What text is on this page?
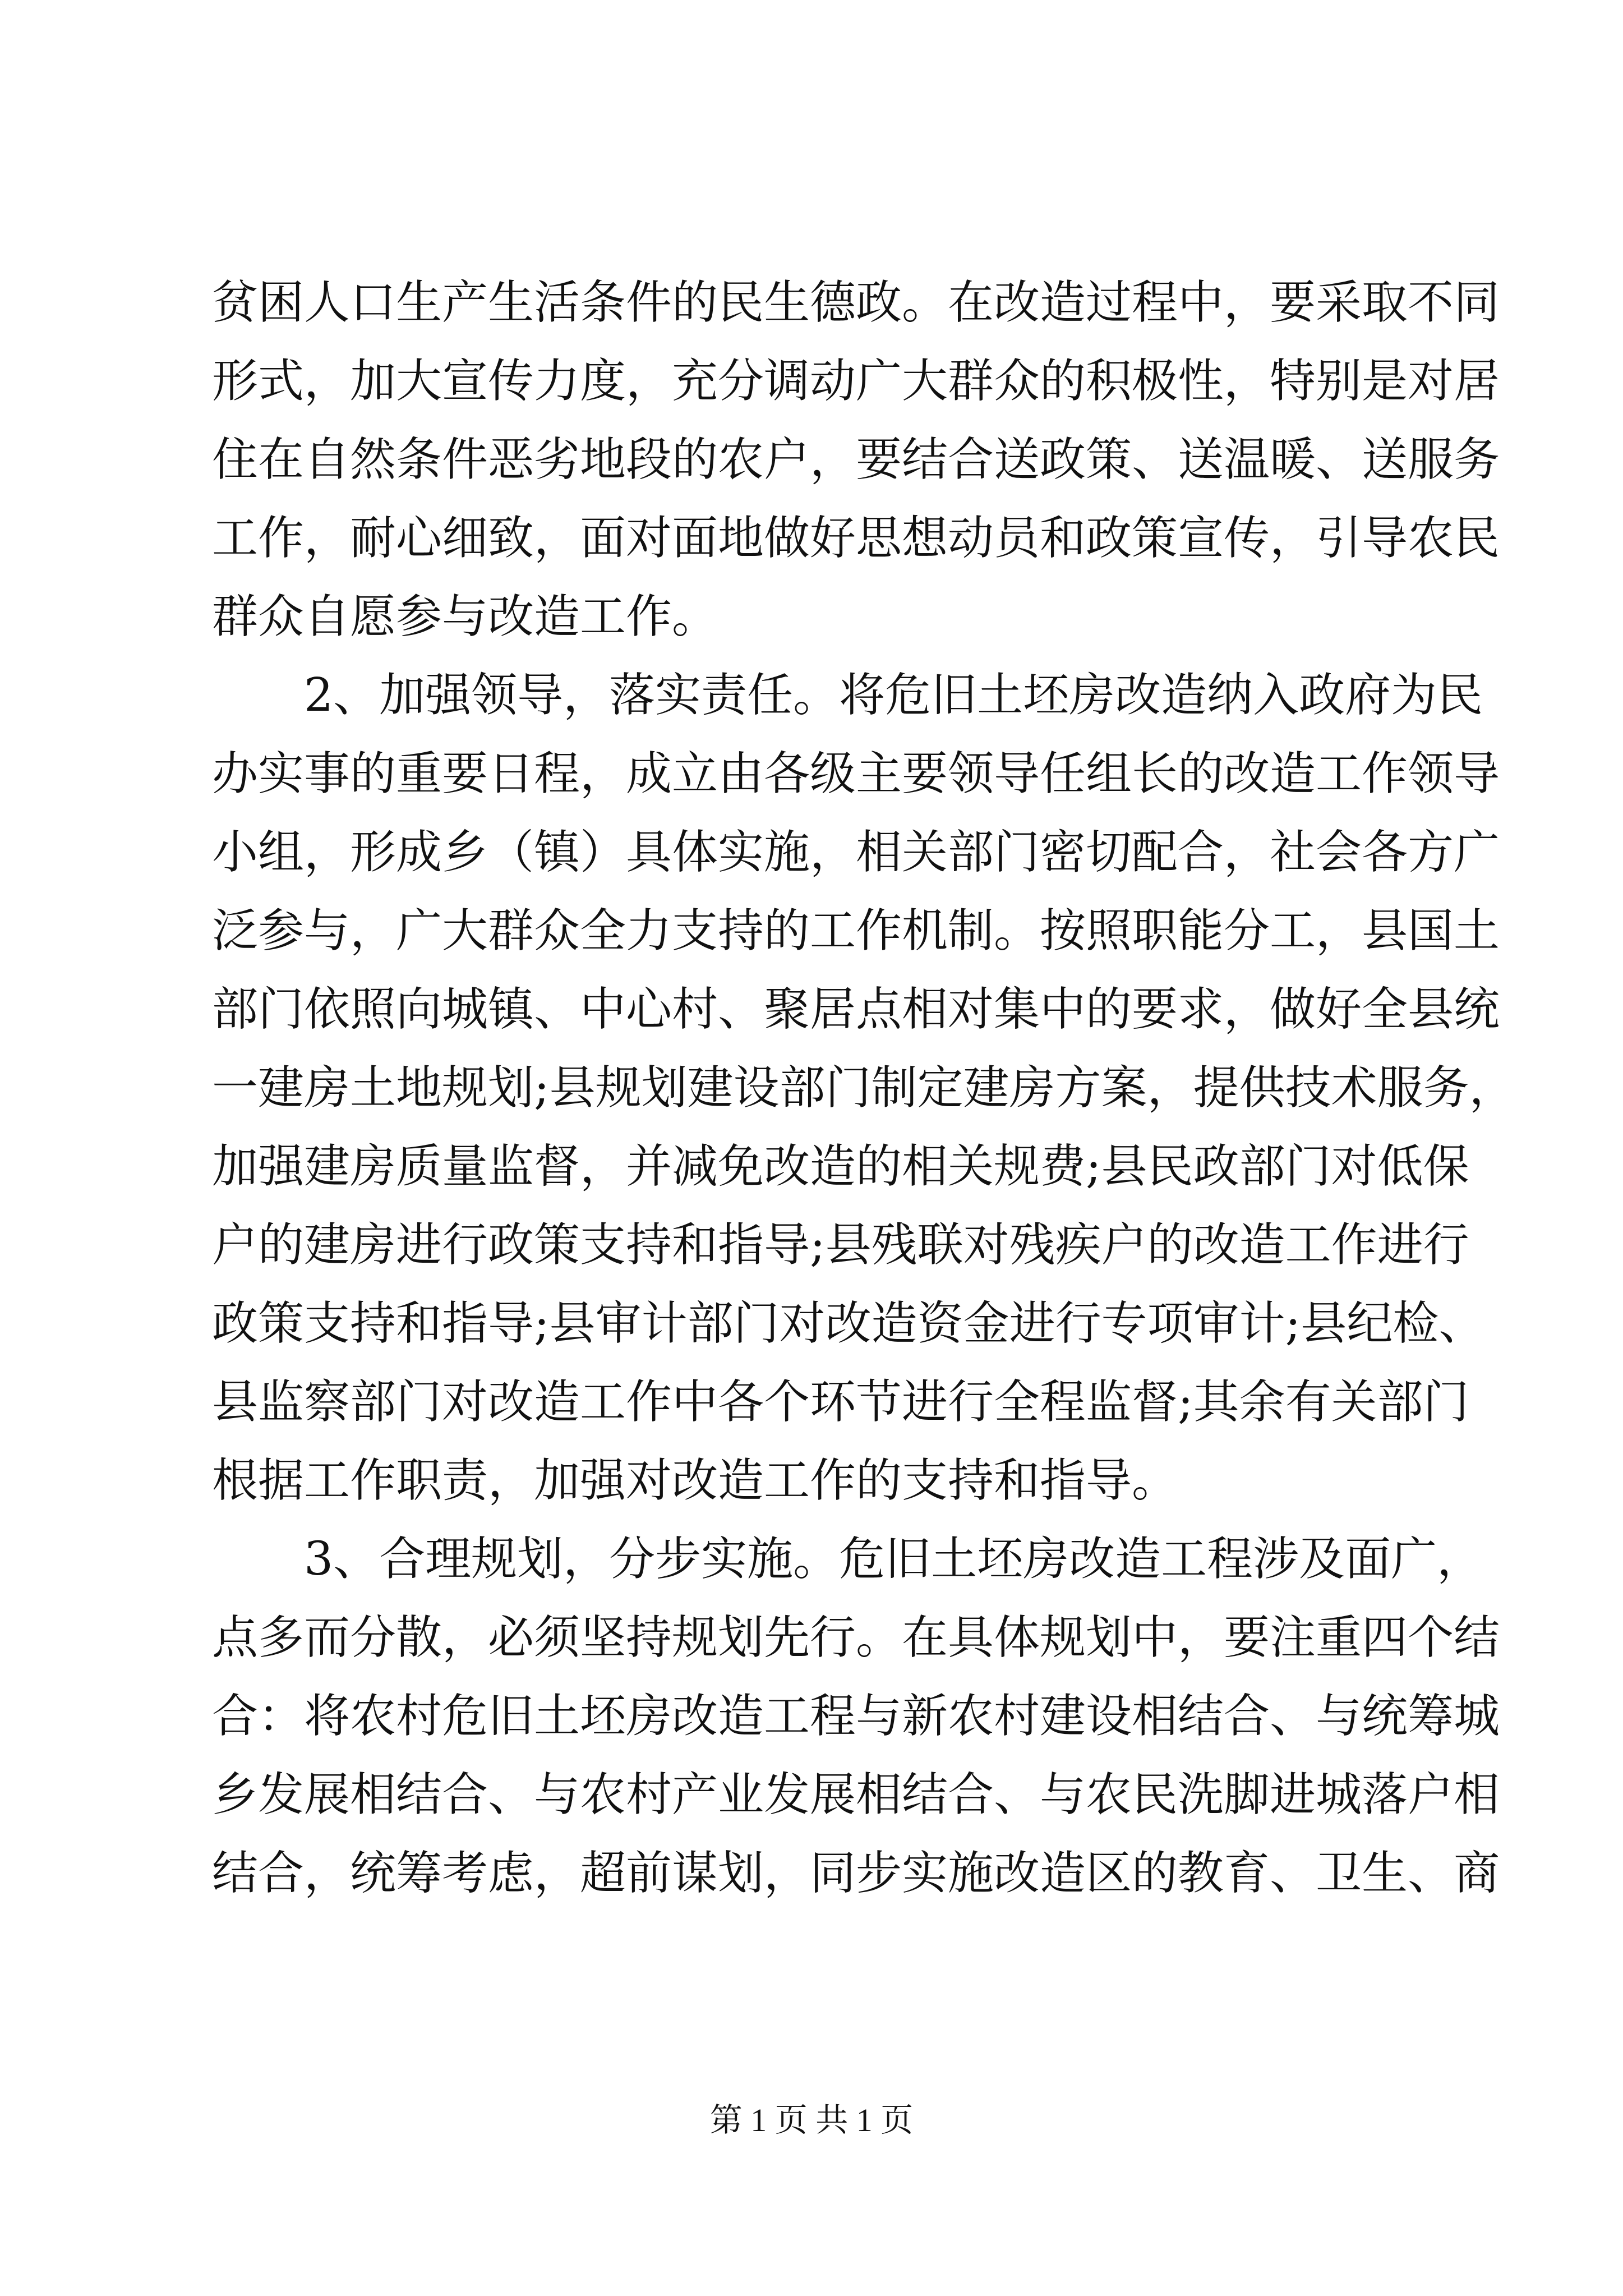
贫困人口生产生活条件的民生德政。在改造过程中，要采取不同
形式，加大宣传力度，充分调动广大群众的积极性，特别是对居
住在自然条件恶劣地段的农户，要结合送政策、送温暖、送服务
工作，耐心细致，面对面地做好思想动员和政策宣传，引导农民
群众自愿参与改造工作。
2、加强领导，落实责任。将危旧土坯房改造纳入政府为民
办实事的重要日程，成立由各级主要领导任组长的改造工作领导
小组，形成乡（镇）具体实施，相关部门密切配合，社会各方广
泛参与，广大群众全力支持的工作机制。按照职能分工，县国土
部门依照向城镇、中心村、聚居点相对集中的要求，做好全县统
一建房土地规划;县规划建设部门制定建房方案，提供技术服务，
加强建房质量监督，并减免改造的相关规费;县民政部门对低保
户的建房进行政策支持和指导;县残联对残疾户的改造工作进行
政策支持和指导;县审计部门对改造资金进行专项审计;县纪检、
县监察部门对改造工作中各个环节进行全程监督;其余有关部门
根据工作职责，加强对改造工作的支持和指导。
3、合理规划，分步实施。危旧土坯房改造工程涉及面广，
点多而分散，必须坚持规划先行。在具体规划中，要注重四个结
合：将农村危旧土坯房改造工程与新农村建设相结合、与统筹城
乡发展相结合、与农村产业发展相结合、与农民洗脚进城落户相
结合，统筹考虑，超前谋划，同步实施改造区的教育、卫生、商
第 1 页 共 1 页
